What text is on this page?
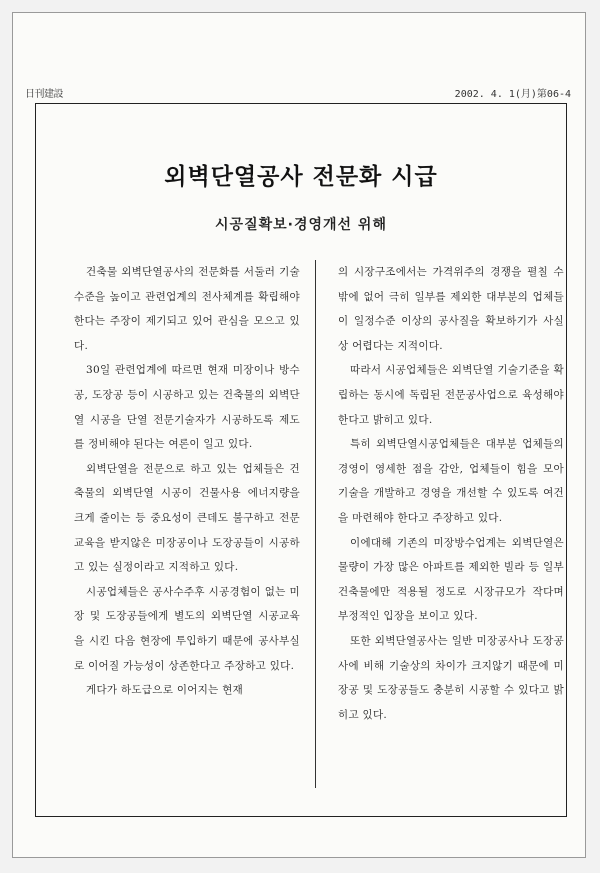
日刊建設	2002. 4. 1(月)第06-4
외벽단열공사 전문화 시급
시공질확보·경영개선 위해

건축물 외벽단열공사의 전문화를 서둘러 기술수준을 높이고 관련업계의 전사체계를 확립해야 한다는 주장이 제기되고 있어 관심을 모으고 있다.

30일 관련업계에 따르면 현재 미장이나 방수공, 도장공 등이 시공하고 있는 건축물의 외벽단열 시공을 단열 전문기술자가 시공하도록 제도를 정비해야 된다는 여론이 일고 있다.

외벽단열을 전문으로 하고 있는 업체들은 건축물의 외벽단열 시공이 건물사용 에너지량을 크게 줄이는 등 중요성이 큰데도 불구하고 전문교육을 받지않은 미장공이나 도장공들이 시공하고 있는 실정이라고 지적하고 있다.

시공업체들은 공사수주후 시공경험이 없는 미장 및 도장공들에게 별도의 외벽단열 시공교육을 시킨 다음 현장에 투입하기 때문에 공사부실로 이어질 가능성이 상존한다고 주장하고 있다.

게다가 하도급으로 이어지는 현재

의 시장구조에서는 가격위주의 경쟁을 펼칠 수 밖에 없어 극히 일부를 제외한 대부분의 업체들이 일정수준 이상의 공사질을 확보하기가 사실상 어렵다는 지적이다.

따라서 시공업체들은 외벽단열 기술기준을 확립하는 동시에 독립된 전문공사업으로 육성해야 한다고 밝히고 있다.

특히 외벽단열시공업체들은 대부분 업체들의 경영이 영세한 점을 감안, 업체들이 힘을 모아 기술을 개발하고 경영을 개선할 수 있도록 여건을 마련해야 한다고 주장하고 있다.

이에대해 기존의 미장방수업계는 외벽단열은 물량이 가장 많은 아파트를 제외한 빌라 등 일부 건축물에만 적용될 정도로 시장규모가 작다며 부정적인 입장을 보이고 있다.

또한 외벽단열공사는 일반 미장공사나 도장공사에 비해 기술상의 차이가 크지않기 때문에 미장공 및 도장공들도 충분히 시공할 수 있다고 밝히고 있다.
